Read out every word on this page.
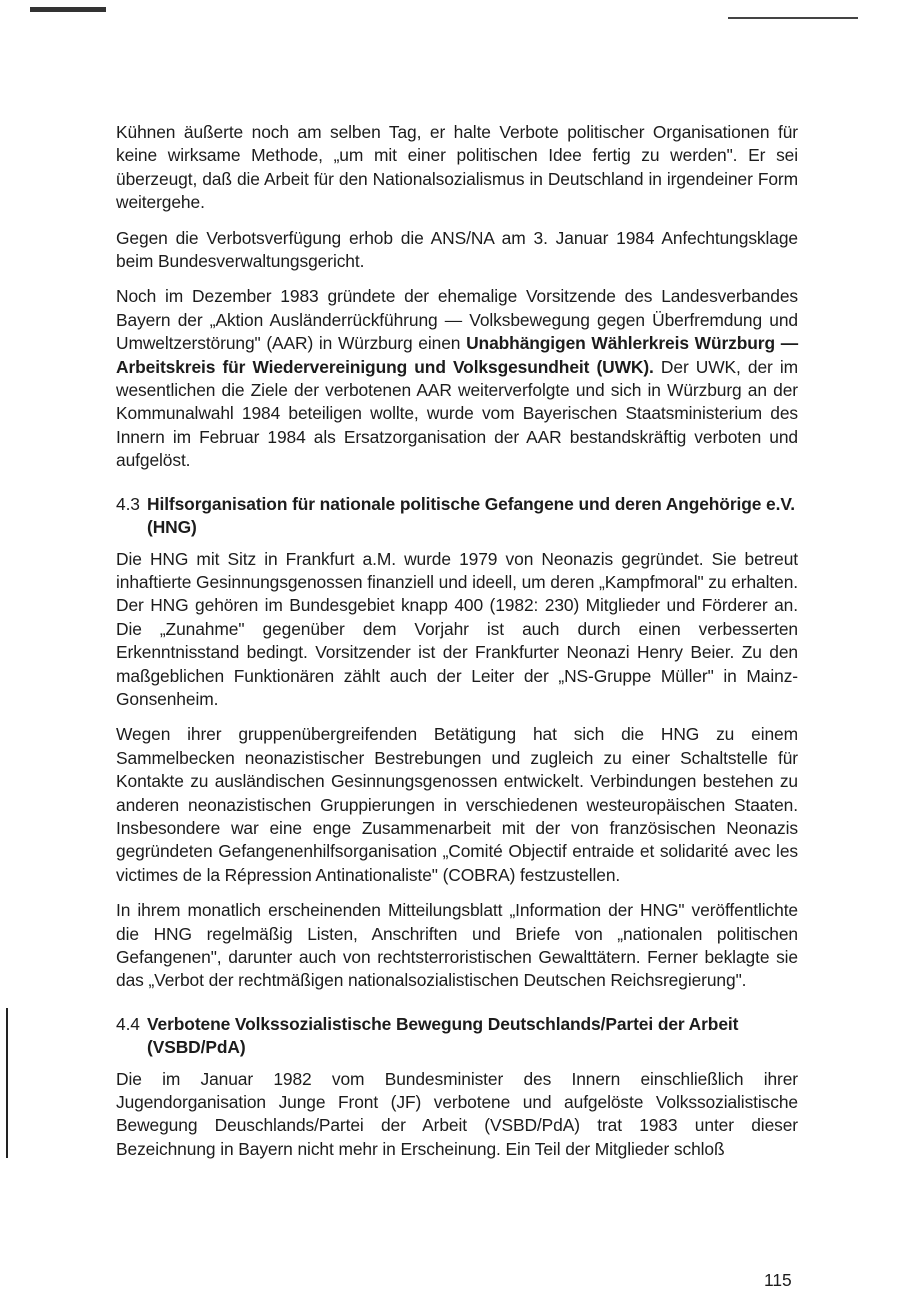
Kühnen äußerte noch am selben Tag, er halte Verbote politischer Organisationen für keine wirksame Methode, „um mit einer politischen Idee fertig zu werden". Er sei überzeugt, daß die Arbeit für den Nationalsozialismus in Deutschland in irgendeiner Form weitergehe.

Gegen die Verbotsverfügung erhob die ANS/NA am 3. Januar 1984 Anfechtungsklage beim Bundesverwaltungsgericht.

Noch im Dezember 1983 gründete der ehemalige Vorsitzende des Landesverbandes Bayern der „Aktion Ausländerrückführung — Volksbewegung gegen Überfremdung und Umweltzerstörung" (AAR) in Würzburg einen Unabhängigen Wählerkreis Würzburg — Arbeitskreis für Wiedervereinigung und Volksgesundheit (UWK). Der UWK, der im wesentlichen die Ziele der verbotenen AAR weiterverfolgte und sich in Würzburg an der Kommunalwahl 1984 beteiligen wollte, wurde vom Bayerischen Staatsministerium des Innern im Februar 1984 als Ersatzorganisation der AAR bestandskräftig verboten und aufgelöst.

4.3 Hilfsorganisation für nationale politische Gefangene und deren Angehörige e.V. (HNG)

Die HNG mit Sitz in Frankfurt a.M. wurde 1979 von Neonazis gegründet. Sie betreut inhaftierte Gesinnungsgenossen finanziell und ideell, um deren „Kampfmoral" zu erhalten. Der HNG gehören im Bundesgebiet knapp 400 (1982: 230) Mitglieder und Förderer an. Die „Zunahme" gegenüber dem Vorjahr ist auch durch einen verbesserten Erkenntnisstand bedingt. Vorsitzender ist der Frankfurter Neonazi Henry Beier. Zu den maßgeblichen Funktionären zählt auch der Leiter der „NS-Gruppe Müller" in Mainz-Gonsenheim.

Wegen ihrer gruppenübergreifenden Betätigung hat sich die HNG zu einem Sammelbecken neonazistischer Bestrebungen und zugleich zu einer Schaltstelle für Kontakte zu ausländischen Gesinnungsgenossen entwickelt. Verbindungen bestehen zu anderen neonazistischen Gruppierungen in verschiedenen westeuropäischen Staaten. Insbesondere war eine enge Zusammenarbeit mit der von französischen Neonazis gegründeten Gefangenenhilfsorganisation „Comité Objectif entraide et solidarité avec les victimes de la Répression Antinationaliste" (COBRA) festzustellen.

In ihrem monatlich erscheinenden Mitteilungsblatt „Information der HNG" veröffentlichte die HNG regelmäßig Listen, Anschriften und Briefe von „nationalen politischen Gefangenen", darunter auch von rechtsterroristischen Gewalttätern. Ferner beklagte sie das „Verbot der rechtmäßigen nationalsozialistischen Deutschen Reichsregierung".

4.4 Verbotene Volkssozialistische Bewegung Deutschlands/Partei der Arbeit (VSBD/PdA)

Die im Januar 1982 vom Bundesminister des Innern einschließlich ihrer Jugendorganisation Junge Front (JF) verbotene und aufgelöste Volkssozialistische Bewegung Deuschlands/Partei der Arbeit (VSBD/PdA) trat 1983 unter dieser Bezeichnung in Bayern nicht mehr in Erscheinung. Ein Teil der Mitglieder schloß

115
